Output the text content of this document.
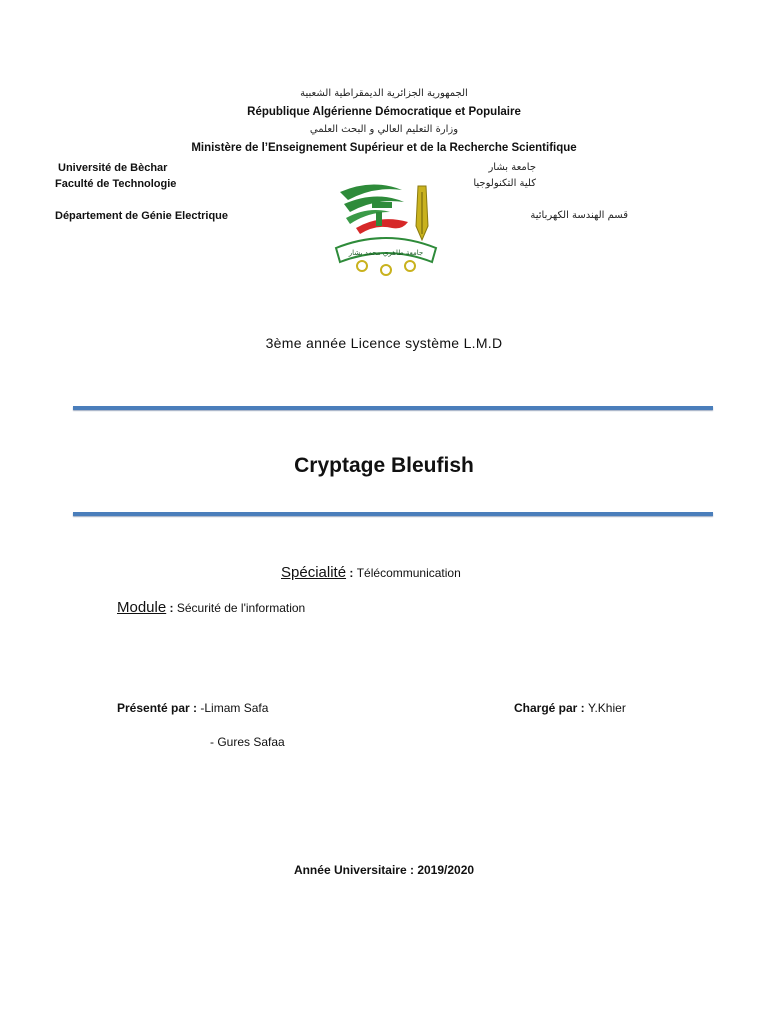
الجمهورية الجزائرية الديمقراطية الشعبية
République Algérienne Démocratique et Populaire
وزارة التعليم العالي و البحث العلمي
Ministère de l’Enseignement Supérieur et de la Recherche Scientifique
Université de Bèchar
Faculté de Technologie
Département de Génie Electrique
جامعة بشار
كلية التكنولوجيا
قسم الهندسة الكهربائية
جامعة طاهري محمد بشار
3ème année Licence système L.M.D
Cryptage Bleufish
Spécialité : Télécommunication
Module : Sécurité de l'information
Présenté par : -Limam Safa
- Gures Safaa
Chargé par : Y.Khier
Année Universitaire : 2019/2020
